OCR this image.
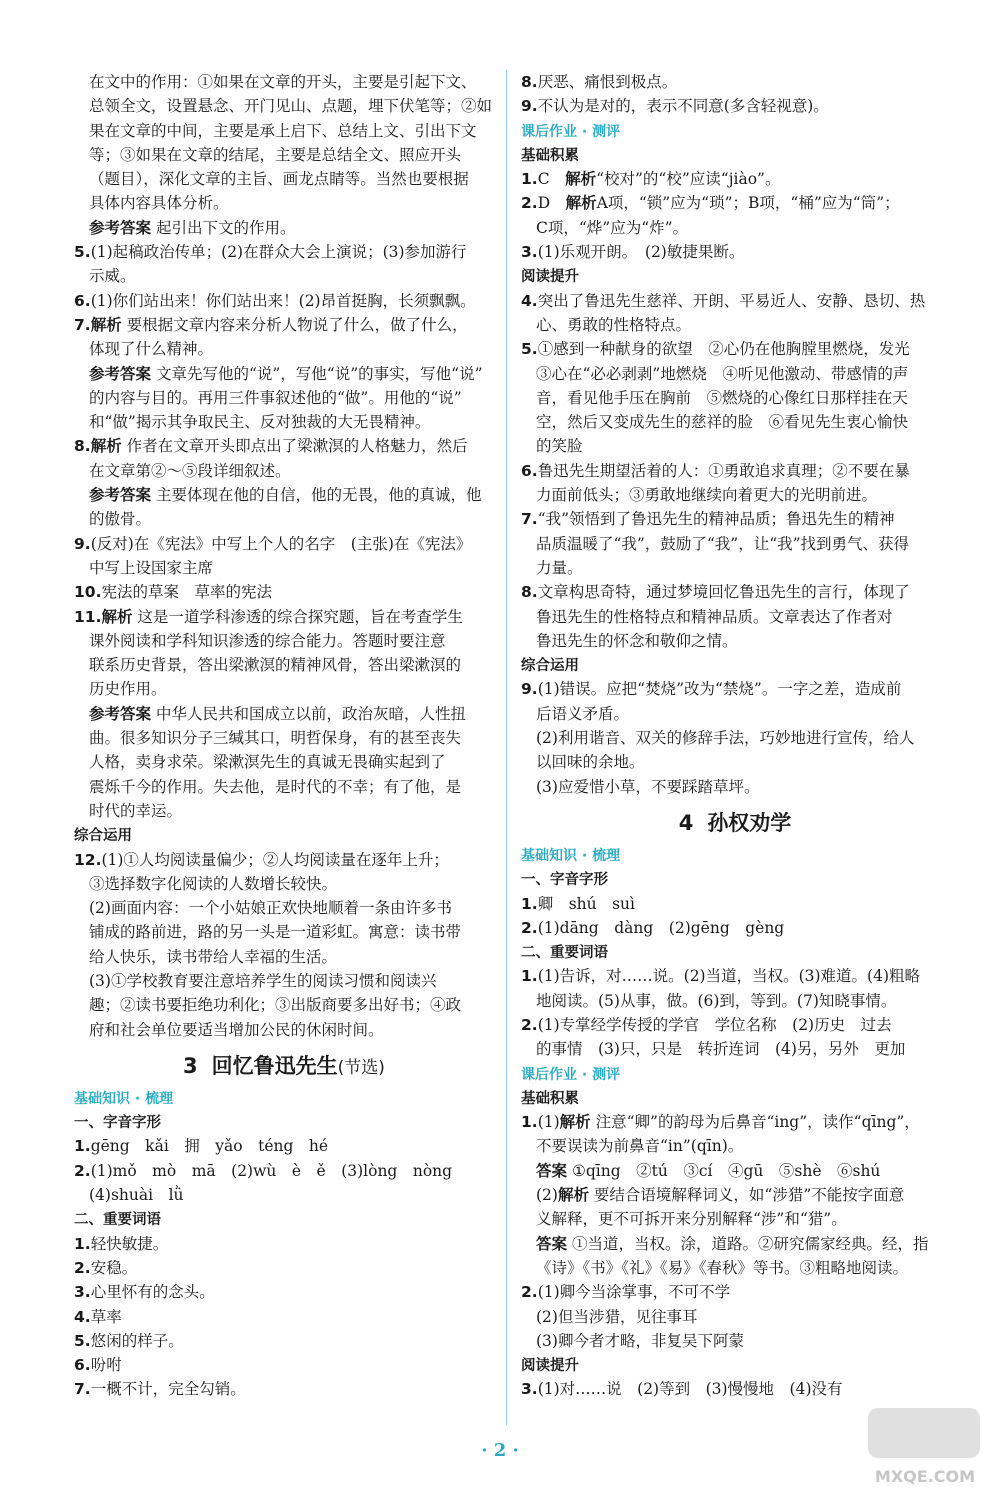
在文中的作用：①如果在文章的开头，主要是引起下文、
总领全文，设置悬念、开门见山、点题，埋下伏笔等；②如
果在文章的中间，主要是承上启下、总结上文、引出下文
等；③如果在文章的结尾，主要是总结全文、照应开头
（题目），深化文章的主旨、画龙点睛等。当然也要根据
具体内容具体分析。
参考答案 起引出下文的作用。
5.(1)起稿政治传单；(2)在群众大会上演说；(3)参加游行
示威。
6.(1)你们站出来！你们站出来！(2)昂首挺胸，长须飘飘。
7.解析 要根据文章内容来分析人物说了什么，做了什么，
体现了什么精神。
参考答案 文章先写他的“说”，写他“说”的事实，写他“说”
的内容与目的。再用三件事叙述他的“做”。用他的“说”
和“做”揭示其争取民主、反对独裁的大无畏精神。
8.解析 作者在文章开头即点出了梁漱溟的人格魅力，然后
在文章第②～⑤段详细叙述。
参考答案 主要体现在他的自信，他的无畏，他的真诚，他
的傲骨。
9.(反对)在《宪法》中写上个人的名字　(主张)在《宪法》
中写上设国家主席
10.宪法的草案　草率的宪法
11.解析 这是一道学科渗透的综合探究题，旨在考查学生
课外阅读和学科知识渗透的综合能力。答题时要注意
联系历史背景，答出梁漱溟的精神风骨，答出梁漱溟的
历史作用。
参考答案 中华人民共和国成立以前，政治灰暗，人性扭
曲。很多知识分子三缄其口，明哲保身，有的甚至丧失
人格，卖身求荣。梁漱溟先生的真诚无畏确实起到了
震烁千今的作用。失去他，是时代的不幸；有了他，是
时代的幸运。
综合运用
12.(1)①人均阅读量偏少；②人均阅读量在逐年上升；
③选择数字化阅读的人数增长较快。
(2)画面内容：一个小姑娘正欢快地顺着一条由许多书
铺成的路前进，路的另一头是一道彩虹。寓意：读书带
给人快乐，读书带给人幸福的生活。
(3)①学校教育要注意培养学生的阅读习惯和阅读兴
趣；②读书要拒绝功利化；③出版商要多出好书；④政
府和社会单位要适当增加公民的休闲时间。
3 回忆鲁迅先生(节选)
基础知识 · 梳理
一、字音字形
1.gēng　kǎi　拥　yǎo　téng　hé
2.(1)mǒ　mò　mā　(2)wù　è　ě　(3)lòng　nòng
(4)shuài　lǜ
二、重要词语
1.轻快敏捷。
2.安稳。
3.心里怀有的念头。
4.草率
5.悠闲的样子。
6.吩咐
7.一概不计，完全勾销。
8.厌恶、痛恨到极点。
9.不认为是对的，表示不同意(多含轻视意)。
课后作业 · 测评
基础积累
1.C　解析“校对”的“校”应读“jiào”。
2.D　解析A项，“锁”应为“琐”；B项，“桶”应为“筒”；
C项，“烨”应为“炸”。
3.(1)乐观开朗。　(2)敏捷果断。
阅读提升
4.突出了鲁迅先生慈祥、开朗、平易近人、安静、恳切、热
心、勇敢的性格特点。
5.①感到一种献身的欲望　②心仍在他胸膛里燃烧，发光
③心在“必必剥剥”地燃烧　④听见他激动、带感情的声
音，看见他手压在胸前　⑤燃烧的心像红日那样挂在天
空，然后又变成先生的慈祥的脸　⑥看见先生衷心愉快
的笑脸
6.鲁迅先生期望活着的人：①勇敢追求真理；②不要在暴
力面前低头；③勇敢地继续向着更大的光明前进。
7.“我”领悟到了鲁迅先生的精神品质；鲁迅先生的精神
品质温暖了“我”，鼓励了“我”，让“我”找到勇气、获得
力量。
8.文章构思奇特，通过梦境回忆鲁迅先生的言行，体现了
鲁迅先生的性格特点和精神品质。文章表达了作者对
鲁迅先生的怀念和敬仰之情。
综合运用
9.(1)错误。应把“焚烧”改为“禁烧”。一字之差，造成前
后语义矛盾。
(2)利用谐音、双关的修辞手法，巧妙地进行宣传，给人
以回味的余地。
(3)应爱惜小草，不要踩踏草坪。
4 孙权劝学
基础知识 · 梳理
一、字音字形
1.卿　shú　suì
2.(1)dāng　dàng　(2)gēng　gèng
二、重要词语
1.(1)告诉，对……说。(2)当道，当权。(3)难道。(4)粗略
地阅读。(5)从事，做。(6)到，等到。(7)知晓事情。
2.(1)专掌经学传授的学官　学位名称　(2)历史　过去
的事情　(3)只，只是　转折连词　(4)另，另外　更加
课后作业 · 测评
基础积累
1.(1)解析 注意“卿”的韵母为后鼻音“ing”，读作“qīng”，
不要误读为前鼻音“in”(qīn)。
答案 ①qīng　②tú　③cí　④gū　⑤shè　⑥shú
(2)解析 要结合语境解释词义，如“涉猎”不能按字面意
义解释，更不可拆开来分别解释“涉”和“猎”。
答案 ①当道，当权。涂，道路。②研究儒家经典。经，指
《诗》《书》《礼》《易》《春秋》等书。③粗略地阅读。
2.(1)卿今当涂掌事，不可不学
(2)但当涉猎，见往事耳
(3)卿今者才略，非复吴下阿蒙
阅读提升
3.(1)对……说　(2)等到　(3)慢慢地　(4)没有
· 2 ·
MXQE.COM
